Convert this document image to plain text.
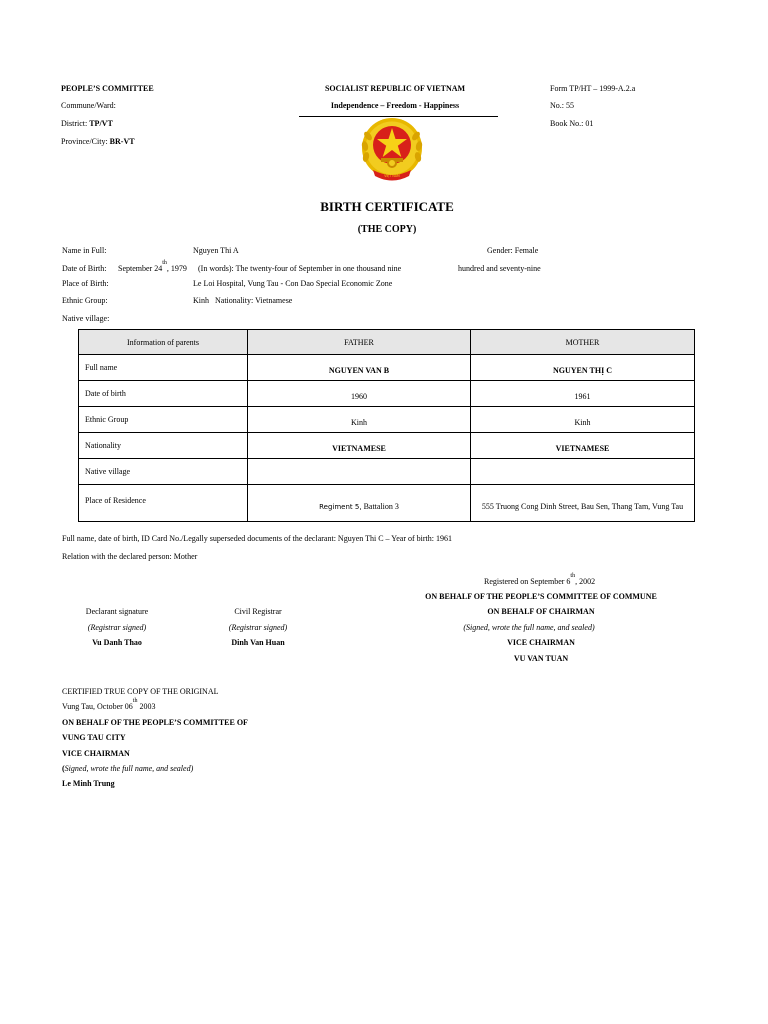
PEOPLE’S COMMITTEE
Commune/Ward:
District: TP/VT
Province/City: BR-VT
SOCIALIST REPUBLIC OF VIETNAM
Independence – Freedom - Happiness
Form TP/HT – 1999-A.2.a
No.: 55
Book No.: 01
VIỆT NAM
BIRTH CERTIFICATE
(THE COPY)
Name in Full:	Nguyen Thi A	Gender: Female
Date of Birth: September 24th, 1979 (In words): The twenty-four of September in one thousand nine	hundred and seventy-nine
Place of Birth:	Le Loi Hospital, Vung Tau - Con Dao Special Economic Zone
Ethnic Group:	Kinh Nationality: Vietnamese
Native village:
Information of parents	FATHER	MOTHER
Full name	NGUYEN VAN B	NGUYEN THỊ C
Date of birth	1960	1961
Ethnic Group	Kinh	Kinh
Nationality	VIETNAMESE	VIETNAMESE
Native village		
Place of Residence	Regiment 5, Battalion 3	555 Truong Cong Dinh Street, Bau Sen, Thang Tam, Vung Tau
Full name, date of birth, ID Card No./Legally superseded documents of the declarant: Nguyen Thi C – Year of birth: 1961
Relation with the declared person: Mother
Registered on September 6th, 2002
ON BEHALF OF THE PEOPLE’S COMMITTEE OF COMMUNE
ON BEHALF OF CHAIRMAN
(Signed, wrote the full name, and sealed)
VICE CHAIRMAN
VU VAN TUAN
Declarant signature
(Registrar signed)
Vu Danh Thao
Civil Registrar
(Registrar signed)
Dinh Van Huan
CERTIFIED TRUE COPY OF THE ORIGINAL
Vung Tau, October 06th 2003
ON BEHALF OF THE PEOPLE’S COMMITTEE OF
VUNG TAU CITY
VICE CHAIRMAN
(Signed, wrote the full name, and sealed)
Le Minh Trung
